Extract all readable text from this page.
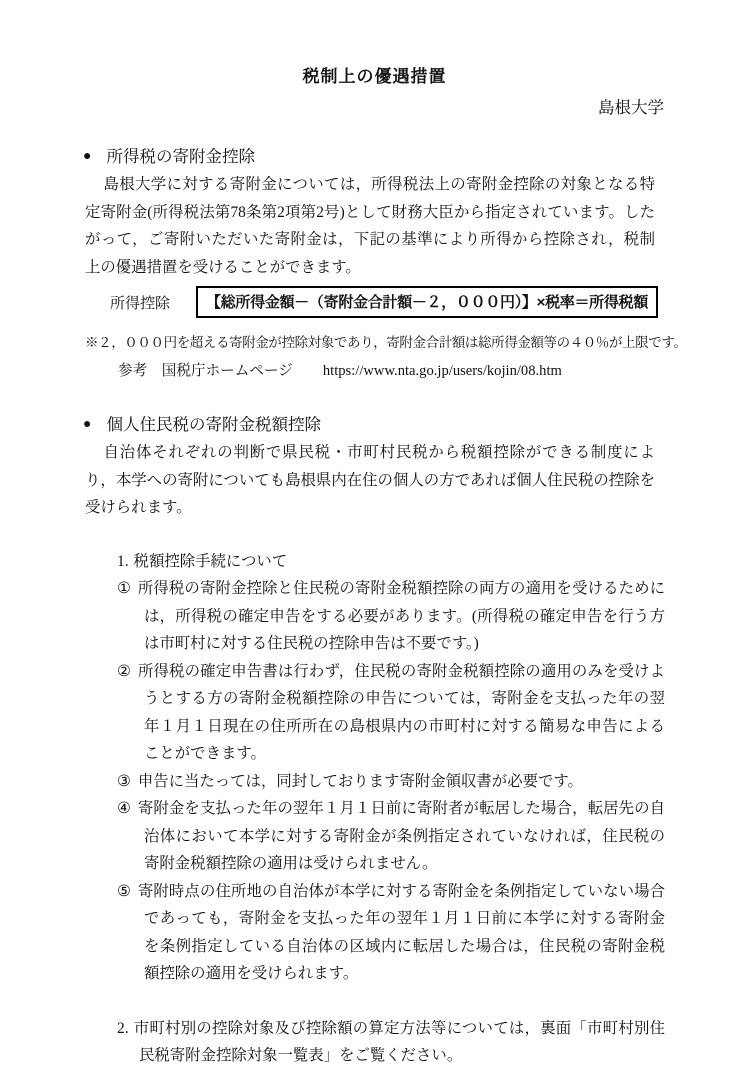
税制上の優遇措置
島根大学
● 所得税の寄附金控除

島根大学に対する寄附金については，所得税法上の寄附金控除の対象となる特定寄附金(所得税法第78条第2項第2号)として財務大臣から指定されています。したがって，ご寄附いただいた寄附金は，下記の基準により所得から控除され，税制上の優遇措置を受けることができます。

所得控除	【総所得金額－（寄附金合計額－２，０００円）】×税率＝所得税額
※２，０００円を超える寄附金が控除対象であり，寄附金合計額は総所得金額等の４０％が上限です。
参考　国税庁ホームページ https://www.nta.go.jp/users/kojin/08.htm
● 個人住民税の寄附金税額控除

自治体それぞれの判断で県民税・市町村民税から税額控除ができる制度により，本学への寄附についても島根県内在住の個人の方であれば個人住民税の控除を受けられます。

1. 税額控除手続について

① 所得税の寄附金控除と住民税の寄附金税額控除の両方の適用を受けるためには，所得税の確定申告をする必要があります。(所得税の確定申告を行う方は市町村に対する住民税の控除申告は不要です。)

② 所得税の確定申告書は行わず，住民税の寄附金税額控除の適用のみを受けようとする方の寄附金税額控除の申告については，寄附金を支払った年の翌年１月１日現在の住所所在の島根県内の市町村に対する簡易な申告によることができます。

③ 申告に当たっては，同封しております寄附金領収書が必要です。

④ 寄附金を支払った年の翌年１月１日前に寄附者が転居した場合，転居先の自治体において本学に対する寄附金が条例指定されていなければ，住民税の寄附金税額控除の適用は受けられません。

⑤ 寄附時点の住所地の自治体が本学に対する寄附金を条例指定していない場合であっても，寄附金を支払った年の翌年１月１日前に本学に対する寄附金を条例指定している自治体の区域内に転居した場合は，住民税の寄附金税額控除の適用を受けられます。

2. 市町村別の控除対象及び控除額の算定方法等については，裏面「市町村別住民税寄附金控除対象一覧表」をご覧ください。
